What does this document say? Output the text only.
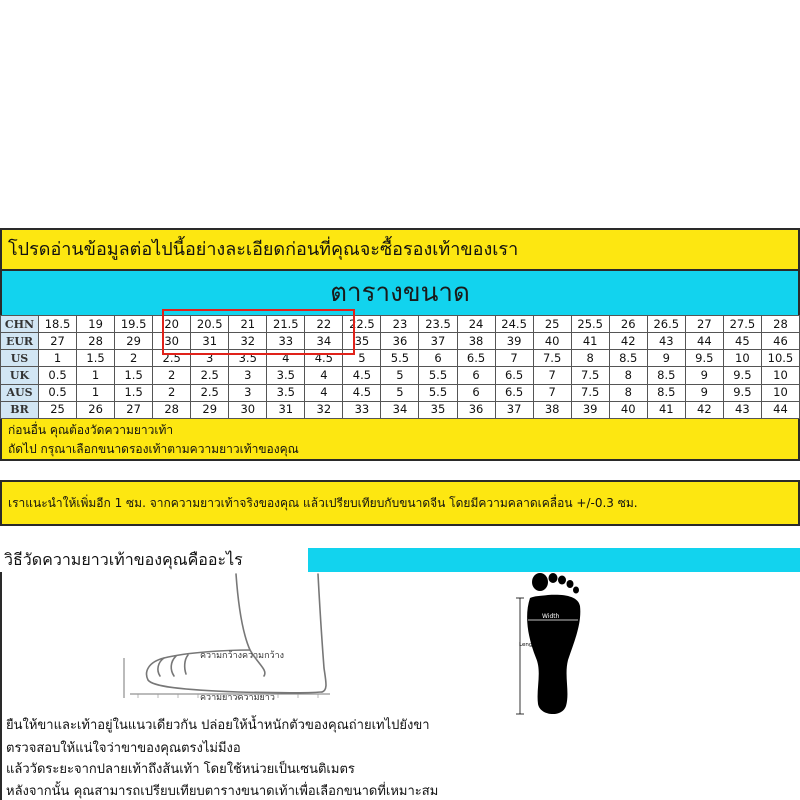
โปรดอ่านข้อมูลต่อไปนี้อย่างละเอียดก่อนที่คุณจะซื้อรองเท้าของเรา
ตารางขนาด
CHN	18.5	19	19.5	20	20.5	21	21.5	22	22.5	23	23.5	24	24.5	25	25.5	26	26.5	27	27.5	28
EUR	27	28	29	30	31	32	33	34	35	36	37	38	39	40	41	42	43	44	45	46
US	1	1.5	2	2.5	3	3.5	4	4.5	5	5.5	6	6.5	7	7.5	8	8.5	9	9.5	10	10.5
UK	0.5	1	1.5	2	2.5	3	3.5	4	4.5	5	5.5	6	6.5	7	7.5	8	8.5	9	9.5	10
AUS	0.5	1	1.5	2	2.5	3	3.5	4	4.5	5	5.5	6	6.5	7	7.5	8	8.5	9	9.5	10
BR	25	26	27	28	29	30	31	32	33	34	35	36	37	38	39	40	41	42	43	44
ก่อนอื่น คุณต้องวัดความยาวเท้า
ถัดไป กรุณาเลือกขนาดรองเท้าตามความยาวเท้าของคุณ
เราแนะนำให้เพิ่มอีก 1 ซม. จากความยาวเท้าจริงของคุณ แล้วเปรียบเทียบกับขนาดจีน โดยมีความคลาดเคลื่อน +/-0.3 ซม.
วิธีวัดความยาวเท้าของคุณคืออะไร
ความกว้างความกว้าง
ความยาวความยาว
Width
Length
ยืนให้ขาและเท้าอยู่ในแนวเดียวกัน ปล่อยให้น้ำหนักตัวของคุณถ่ายเทไปยังขา
ตรวจสอบให้แน่ใจว่าขาของคุณตรงไม่มีงอ
แล้ววัดระยะจากปลายเท้าถึงส้นเท้า โดยใช้หน่วยเป็นเซนติเมตร
หลังจากนั้น คุณสามารถเปรียบเทียบตารางขนาดเท้าเพื่อเลือกขนาดที่เหมาะสม
